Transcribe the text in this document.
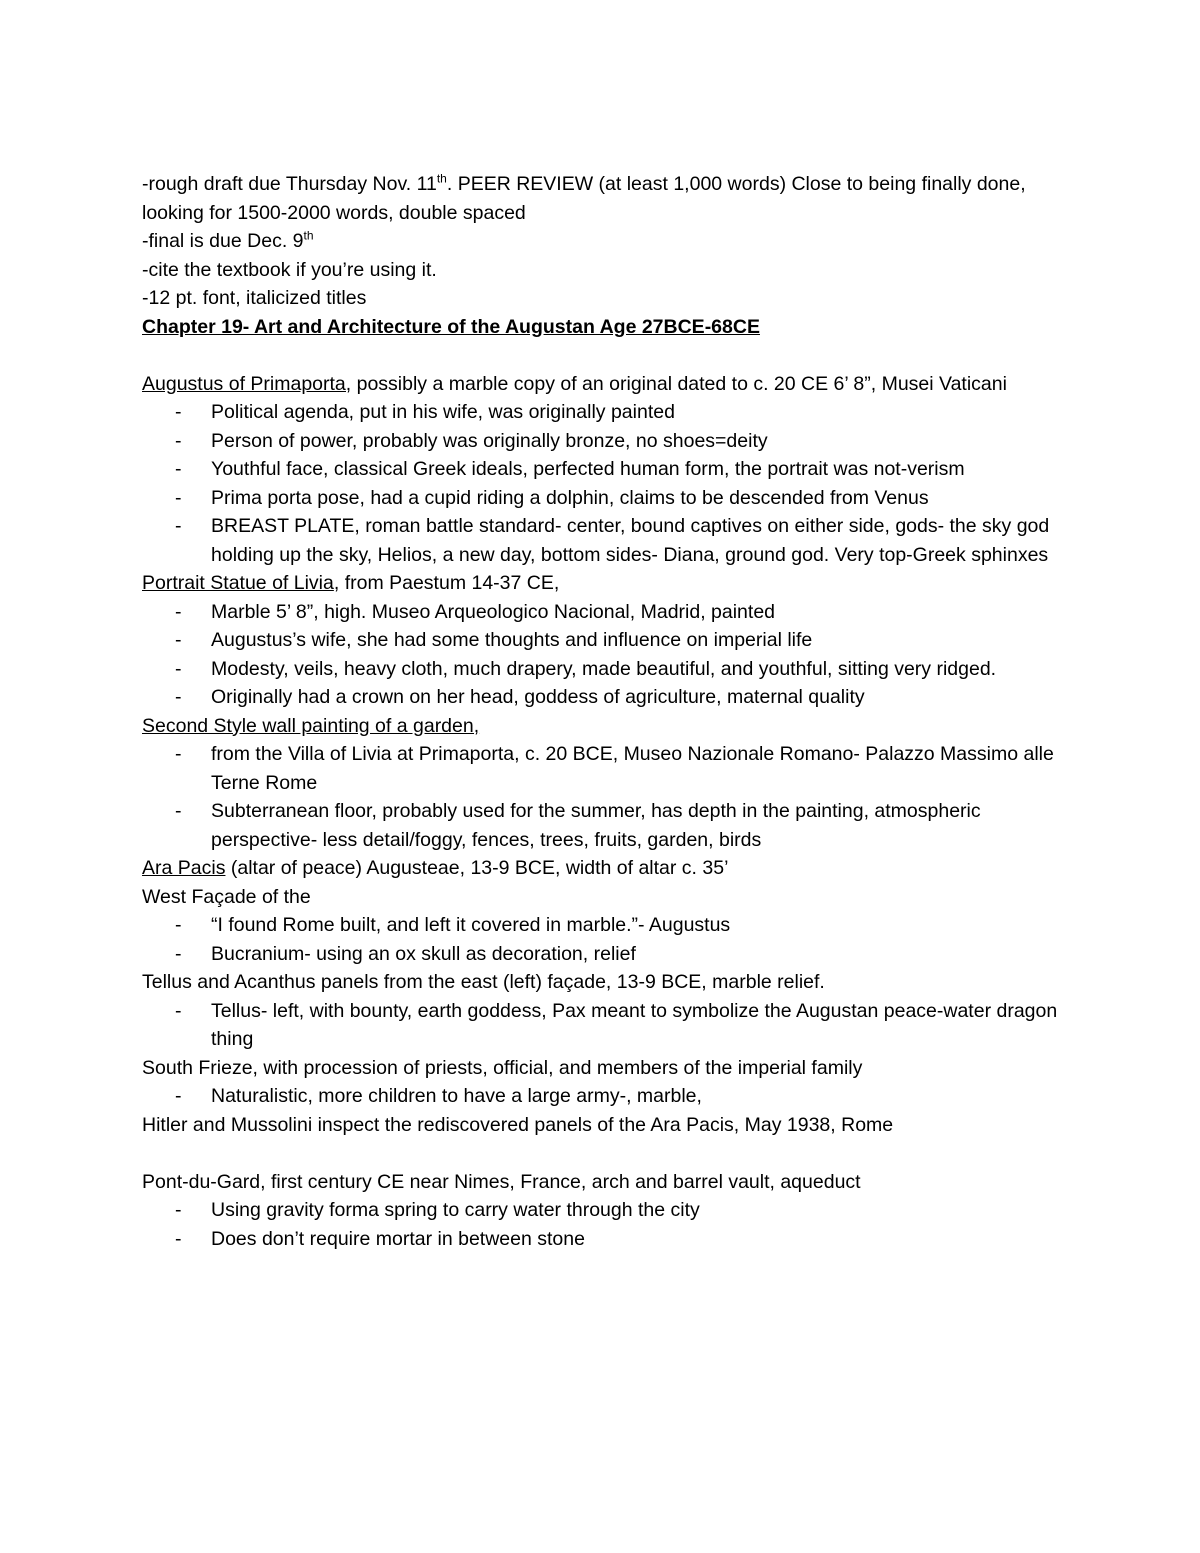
-rough draft due Thursday Nov. 11th. PEER REVIEW (at least 1,000 words) Close to being finally done, looking for 1500-2000 words, double spaced

-final is due Dec. 9th

-cite the textbook if you’re using it.

-12 pt. font, italicized titles

Chapter 19- Art and Architecture of the Augustan Age 27BCE-68CE

Augustus of Primaporta, possibly a marble copy of an original dated to c. 20 CE 6’ 8”, Musei Vaticani

- Political agenda, put in his wife, was originally painted

- Person of power, probably was originally bronze, no shoes=deity

- Youthful face, classical Greek ideals, perfected human form, the portrait was not-verism

- Prima porta pose, had a cupid riding a dolphin, claims to be descended from Venus

- BREAST PLATE, roman battle standard- center, bound captives on either side, gods- the sky god holding up the sky, Helios, a new day, bottom sides- Diana, ground god. Very top-Greek sphinxes

Portrait Statue of Livia, from Paestum 14-37 CE,

- Marble 5’ 8”, high. Museo Arqueologico Nacional, Madrid, painted

- Augustus’s wife, she had some thoughts and influence on imperial life

- Modesty, veils, heavy cloth, much drapery, made beautiful, and youthful, sitting very ridged.

- Originally had a crown on her head, goddess of agriculture, maternal quality

Second Style wall painting of a garden,

- from the Villa of Livia at Primaporta, c. 20 BCE, Museo Nazionale Romano- Palazzo Massimo alle Terne Rome

- Subterranean floor, probably used for the summer, has depth in the painting, atmospheric perspective- less detail/foggy, fences, trees, fruits, garden, birds

Ara Pacis (altar of peace) Augusteae, 13-9 BCE, width of altar c. 35’

West Façade of the

- “I found Rome built, and left it covered in marble.”- Augustus

- Bucranium- using an ox skull as decoration, relief

Tellus and Acanthus panels from the east (left) façade, 13-9 BCE, marble relief.

- Tellus- left, with bounty, earth goddess, Pax meant to symbolize the Augustan peace-water dragon thing

South Frieze, with procession of priests, official, and members of the imperial family

- Naturalistic, more children to have a large army-, marble,

Hitler and Mussolini inspect the rediscovered panels of the Ara Pacis, May 1938, Rome

Pont-du-Gard, first century CE near Nimes, France, arch and barrel vault, aqueduct

- Using gravity forma spring to carry water through the city

- Does don’t require mortar in between stone
